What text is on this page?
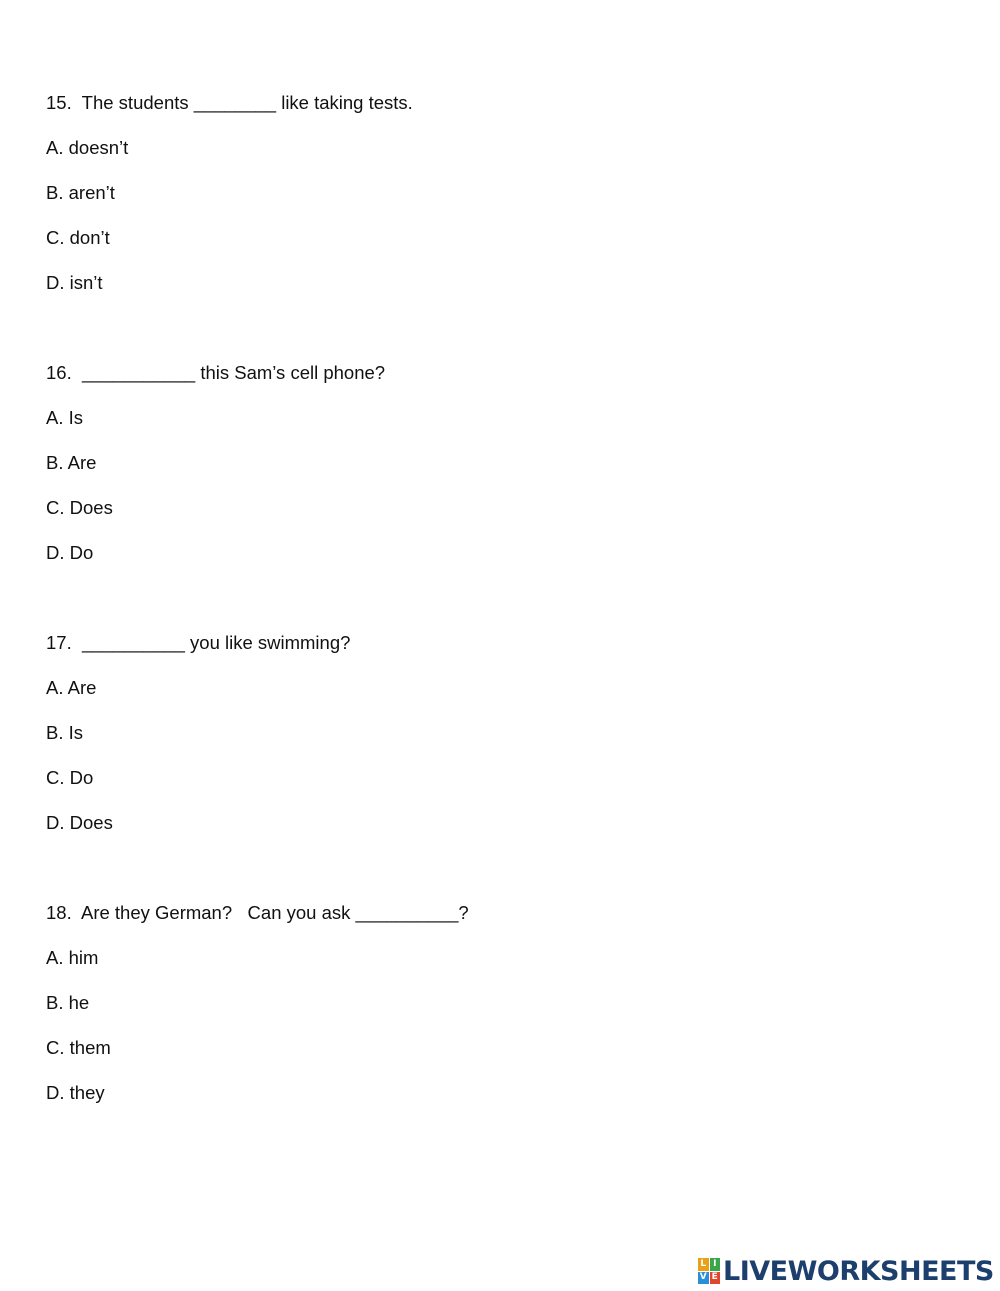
15.  The students ________ like taking tests.

A. doesn’t

B. aren’t

C. don’t

D. isn’t

16.  ___________ this Sam’s cell phone?

A. Is

B. Are

C. Does

D. Do

17.  __________ you like swimming?

A. Are

B. Is

C. Do

D. Does

18.  Are they German?   Can you ask __________?

A. him

B. he

C. them

D. they

L I
V E LIVEWORKSHEETS
